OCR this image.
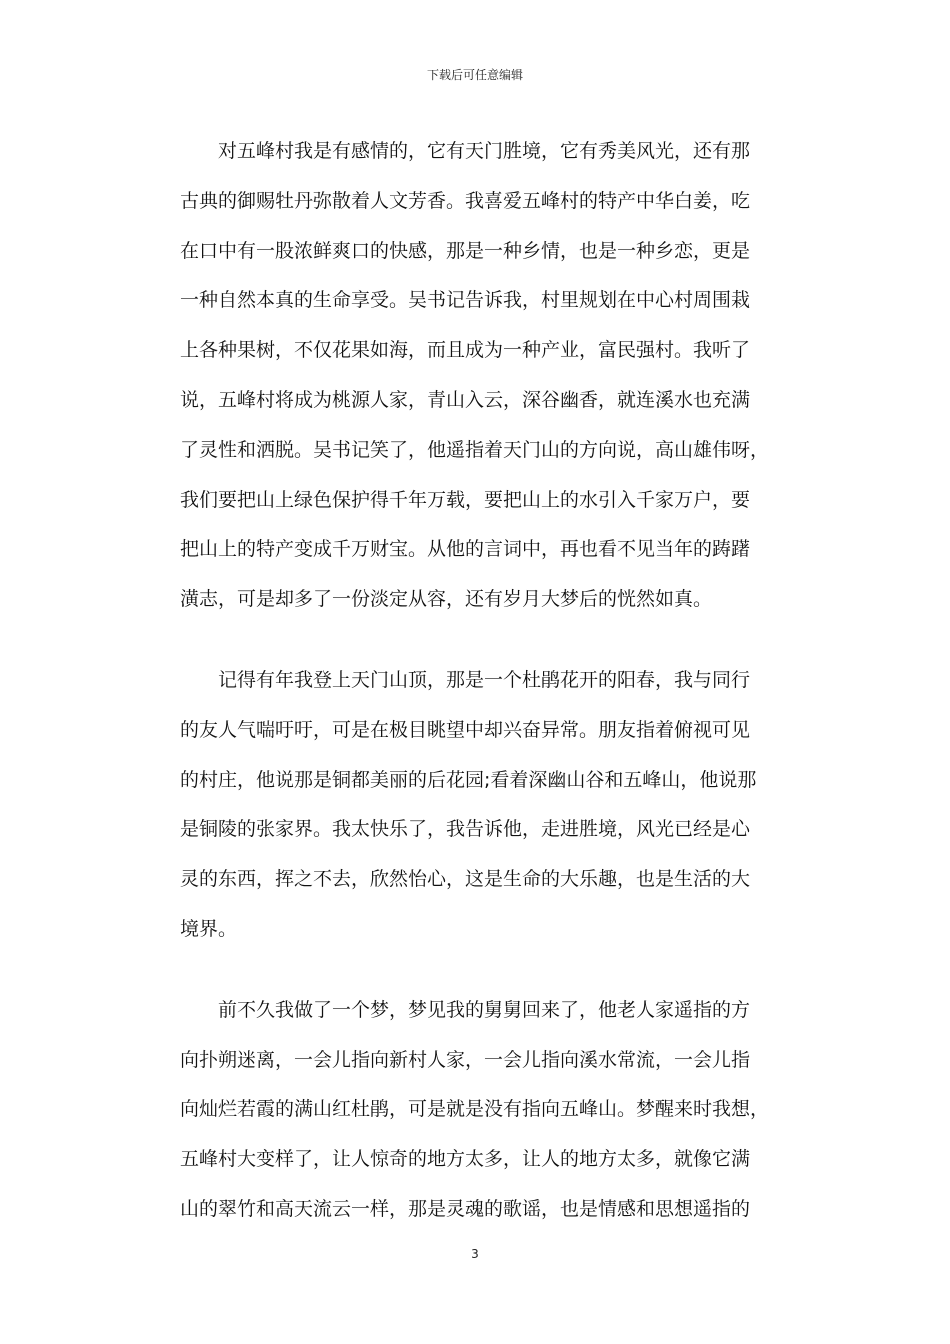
下载后可任意编辑
对五峰村我是有感情的，它有天门胜境，它有秀美风光，还有那
古典的御赐牡丹弥散着人文芳香。我喜爱五峰村的特产中华白姜，吃
在口中有一股浓鲜爽口的快感，那是一种乡情，也是一种乡恋，更是
一种自然本真的生命享受。吴书记告诉我，村里规划在中心村周围栽
上各种果树，不仅花果如海，而且成为一种产业，富民强村。我听了
说，五峰村将成为桃源人家，青山入云，深谷幽香，就连溪水也充满
了灵性和洒脱。吴书记笑了，他遥指着天门山的方向说，高山雄伟呀，
我们要把山上绿色保护得千年万载，要把山上的水引入千家万户，要
把山上的特产变成千万财宝。从他的言词中，再也看不见当年的踌躇
潢志，可是却多了一份淡定从容，还有岁月大梦后的恍然如真。
记得有年我登上天门山顶，那是一个杜鹃花开的阳春，我与同行
的友人气喘吁吁，可是在极目眺望中却兴奋异常。朋友指着俯视可见
的村庄，他说那是铜都美丽的后花园;看着深幽山谷和五峰山，他说那
是铜陵的张家界。我太快乐了，我告诉他，走进胜境，风光已经是心
灵的东西，挥之不去，欣然怡心，这是生命的大乐趣，也是生活的大
境界。
前不久我做了一个梦，梦见我的舅舅回来了，他老人家遥指的方
向扑朔迷离，一会儿指向新村人家，一会儿指向溪水常流，一会儿指
向灿烂若霞的满山红杜鹃，可是就是没有指向五峰山。梦醒来时我想，
五峰村大变样了，让人惊奇的地方太多，让人的地方太多，就像它满
山的翠竹和高天流云一样，那是灵魂的歌谣，也是情感和思想遥指的
3
